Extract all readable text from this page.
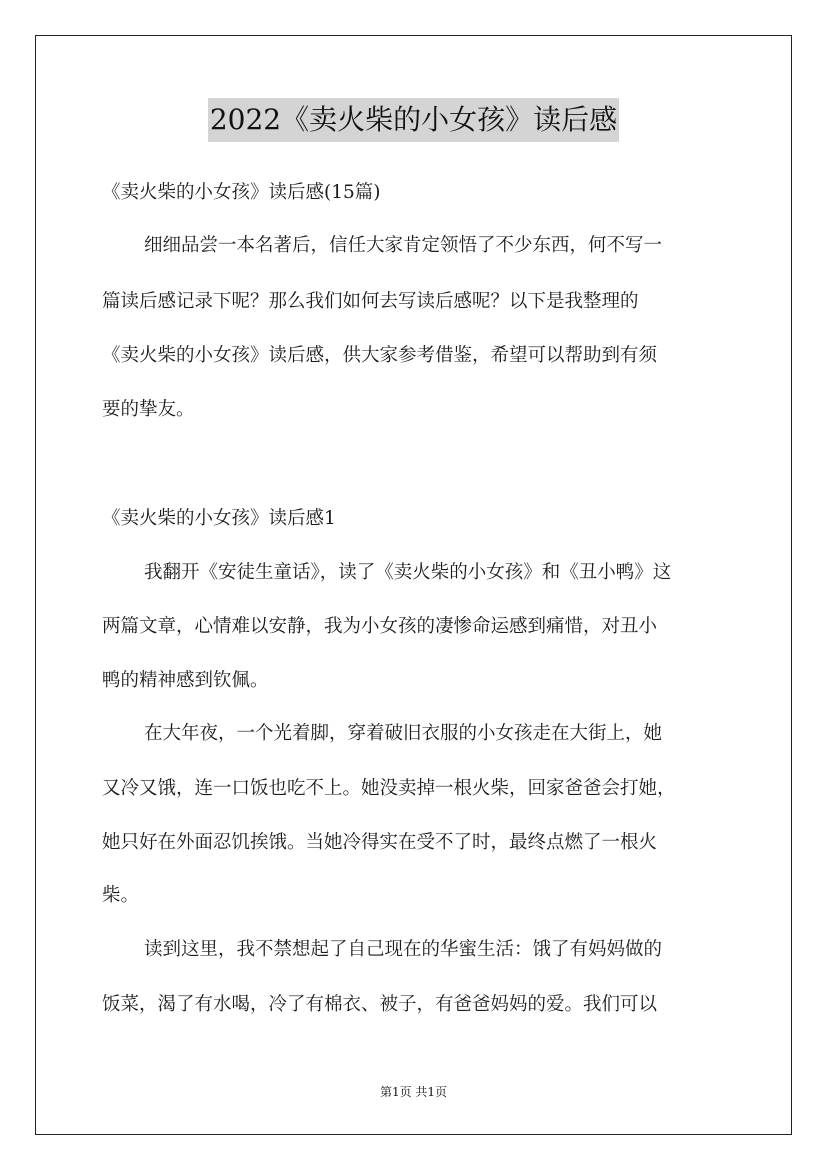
2022《卖火柴的小女孩》读后感
《卖火柴的小女孩》读后感(15篇)
细细品尝一本名著后，信任大家肯定领悟了不少东西，何不写一
篇读后感记录下呢？那么我们如何去写读后感呢？以下是我整理的
《卖火柴的小女孩》读后感，供大家参考借鉴，希望可以帮助到有须
要的挚友。
《卖火柴的小女孩》读后感1
我翻开《安徒生童话》，读了《卖火柴的小女孩》和《丑小鸭》这
两篇文章，心情难以安静，我为小女孩的凄惨命运感到痛惜，对丑小
鸭的精神感到钦佩。
在大年夜，一个光着脚，穿着破旧衣服的小女孩走在大街上，她
又冷又饿，连一口饭也吃不上。她没卖掉一根火柴，回家爸爸会打她，
她只好在外面忍饥挨饿。当她冷得实在受不了时，最终点燃了一根火
柴。
读到这里，我不禁想起了自己现在的华蜜生活：饿了有妈妈做的
饭菜，渴了有水喝，冷了有棉衣、被子，有爸爸妈妈的爱。我们可以
第1页 共1页
